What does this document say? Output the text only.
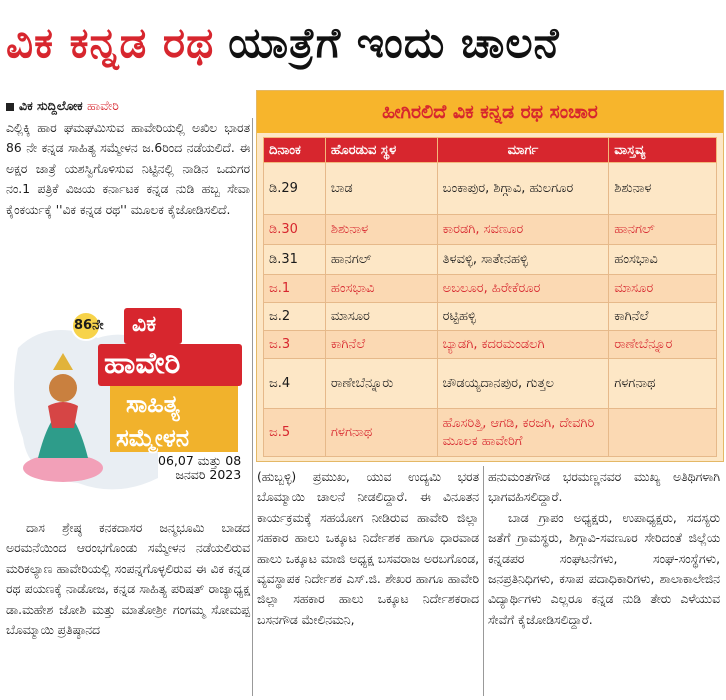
ವಿಕ ಕನ್ನಡ ರಥ ಯಾತ್ರೆಗೆ ಇಂದು ಚಾಲನೆ
ವಿಕ ಸುದ್ದಿಲೋಕ ಹಾವೇರಿ

ಎಲ್ಲಿಕ್ಕಿ ಹಾರ ಘಮಘಮಿಸುವ ಹಾವೇರಿಯಲ್ಲಿ ಅಖಿಲ ಭಾರತ 86 ನೇ ಕನ್ನಡ ಸಾಹಿತ್ಯ ಸಮ್ಮೇಳನ ಜ.6ರಿಂದ ನಡೆಯಲಿದೆ. ಈ ಅಕ್ಷರ ಜಾತ್ರೆ ಯಶಸ್ವಿಗೊಳಿಸುವ ನಿಟ್ಟಿನಲ್ಲಿ ನಾಡಿನ ಒದುಗರ ನಂ.1 ಪತ್ರಿಕೆ ವಿಜಯ ಕರ್ನಾಟಕ ಕನ್ನಡ ನುಡಿ ಹಬ್ಬ ಸೇವಾ ಕೈಂಕರ್ಯಕ್ಕೆ ''ವಿಕ ಕನ್ನಡ ರಥ'' ಮೂಲಕ ಕೈಜೋಡಿಸಲಿದೆ.

ವಿಕ
86ನೇ
ಹಾವೇರಿ
ಸಾಹಿತ್ಯ
ಸಮ್ಮೇಳನ
06,07 ಮತ್ತು 08
ಜನವರಿ 2023

ದಾಸ ಶ್ರೇಷ್ಠ ಕನಕದಾಸರ ಜನ್ಮಭೂಮಿ ಬಾಡದ ಅರಮನೆಯಿಂದ ಆರಂಭಗೊಂಡು ಸಮ್ಮೇಳನ ನಡೆಯಲಿರುವ ಮರಿಕಲ್ಯಾಣ ಹಾವೇರಿಯಲ್ಲಿ ಸಂಪನ್ನಗೊಳ್ಳಲಿರುವ ಈ ವಿಕ ಕನ್ನಡ ರಥ ಪಯಣಕ್ಕೆ ನಾಡೋಜ, ಕನ್ನಡ ಸಾಹಿತ್ಯ ಪರಿಷತ್ ರಾಜ್ಯಾಧ್ಯಕ್ಷ ಡಾ.ಮಹೇಶ ಜೋಶಿ ಮತ್ತು ಮಾತೋಶ್ರೀ ಗಂಗಮ್ಮ ಸೋಮಪ್ಪ ಬೊಮ್ಮಾಯಿ ಪ್ರತಿಷ್ಠಾನದ

ಹೀಗಿರಲಿದೆ ವಿಕ ಕನ್ನಡ ರಥ ಸಂಚಾರ
ದಿನಾಂಕ	ಹೊರಡುವ ಸ್ಥಳ	ಮಾರ್ಗ	ವಾಸ್ತವ್ಯ
ಡಿ.29	ಬಾಡ	ಬಂಕಾಪುರ, ಶಿಗ್ಗಾವಿ, ಹುಲಗೂರ	ಶಿಶುನಾಳ
ಡಿ.30	ಶಿಶುನಾಳ	ಕಾರಡಗಿ, ಸವಣೂರ	ಹಾನಗಲ್
ಡಿ.31	ಹಾನಗಲ್	ತಿಳವಳ್ಳಿ, ಸಾತೇನಹಳ್ಳಿ	ಹಂಸಭಾವಿ
ಜ.1	ಹಂಸಭಾವಿ	ಅಬಲೂರ, ಹಿರೇಕೆರೂರ	ಮಾಸೂರ
ಜ.2	ಮಾಸೂರ	ರಟ್ಟಿಹಳ್ಳಿ	ಕಾಗಿನೆಲೆ
ಜ.3	ಕಾಗಿನೆಲೆ	ಬ್ಯಾಡಗಿ, ಕದರಮಂಡಲಗಿ	ರಾಣೇಬೆನ್ನೂರ
ಜ.4	ರಾಣೇಬೆನ್ನೂರು	ಚೌಡಯ್ಯದಾನಪುರ, ಗುತ್ತಲ	ಗಳಗನಾಥ
ಜ.5	ಗಳಗನಾಥ	ಹೊಸರಿತ್ತಿ, ಆಗಡಿ, ಕರಜಗಿ, ದೇವಗಿರಿ ಮೂಲಕ ಹಾವೇರಿಗೆ	

(ಹುಬ್ಬಳ್ಳಿ) ಪ್ರಮುಖ, ಯುವ ಉದ್ಯಮಿ ಭರತ ಬೊಮ್ಮಾಯಿ ಚಾಲನೆ ನೀಡಲಿದ್ದಾರೆ. ಈ ವಿನೂತನ ಕಾರ್ಯಕ್ರಮಕ್ಕೆ ಸಹಯೋಗ ನೀಡಿರುವ ಹಾವೇರಿ ಜಿಲ್ಲಾ ಸಹಕಾರ ಹಾಲು ಒಕ್ಕೂಟ ನಿರ್ದೇಶಕ ಹಾಗೂ ಧಾರವಾಡ ಹಾಲು ಒಕ್ಕೂಟ ಮಾಜಿ ಅಧ್ಯಕ್ಷ ಬಸವರಾಜ ಅರಬಗೊಂಡ, ವ್ಯವಸ್ಥಾಪಕ ನಿರ್ದೇಶಕ ಎಸ್.ಜಿ. ಶೇಖರ ಹಾಗೂ ಹಾವೇರಿ ಜಿಲ್ಲಾ ಸಹಕಾರ ಹಾಲು ಒಕ್ಕೂಟ ನಿರ್ದೇಶಕರಾದ ಬಸನಗೌಡ ಮೇಲಿನಮನಿ,

ಹನುಮಂತಗೌಡ ಭರಮಣ್ಣನವರ ಮುಖ್ಯ ಅತಿಥಿಗಳಾಗಿ ಭಾಗವಹಿಸಲಿದ್ದಾರೆ.

ಬಾಡ ಗ್ರಾಪಂ ಅಧ್ಯಕ್ಷರು, ಉಪಾಧ್ಯಕ್ಷರು, ಸದಸ್ಯರು ಜತೆಗೆ ಗ್ರಾಮಸ್ಥರು, ಶಿಗ್ಗಾವಿ-ಸವಣೂರ ಸೇರಿದಂತೆ ಜಿಲ್ಲೆಯ ಕನ್ನಡಪರ ಸಂಘಟನೆಗಳು, ಸಂಘ-ಸಂಸ್ಥೆಗಳು, ಜನಪ್ರತಿನಿಧಿಗಳು, ಕಸಾಪ ಪದಾಧಿಕಾರಿಗಳು, ಶಾಲಾಕಾಲೇಜಿನ ವಿದ್ಯಾರ್ಥಿಗಳು ಎಲ್ಲರೂ ಕನ್ನಡ ನುಡಿ ತೇರು ಎಳೆಯುವ ಸೇವೆಗೆ ಕೈಜೋಡಿಸಲಿದ್ದಾರೆ.
